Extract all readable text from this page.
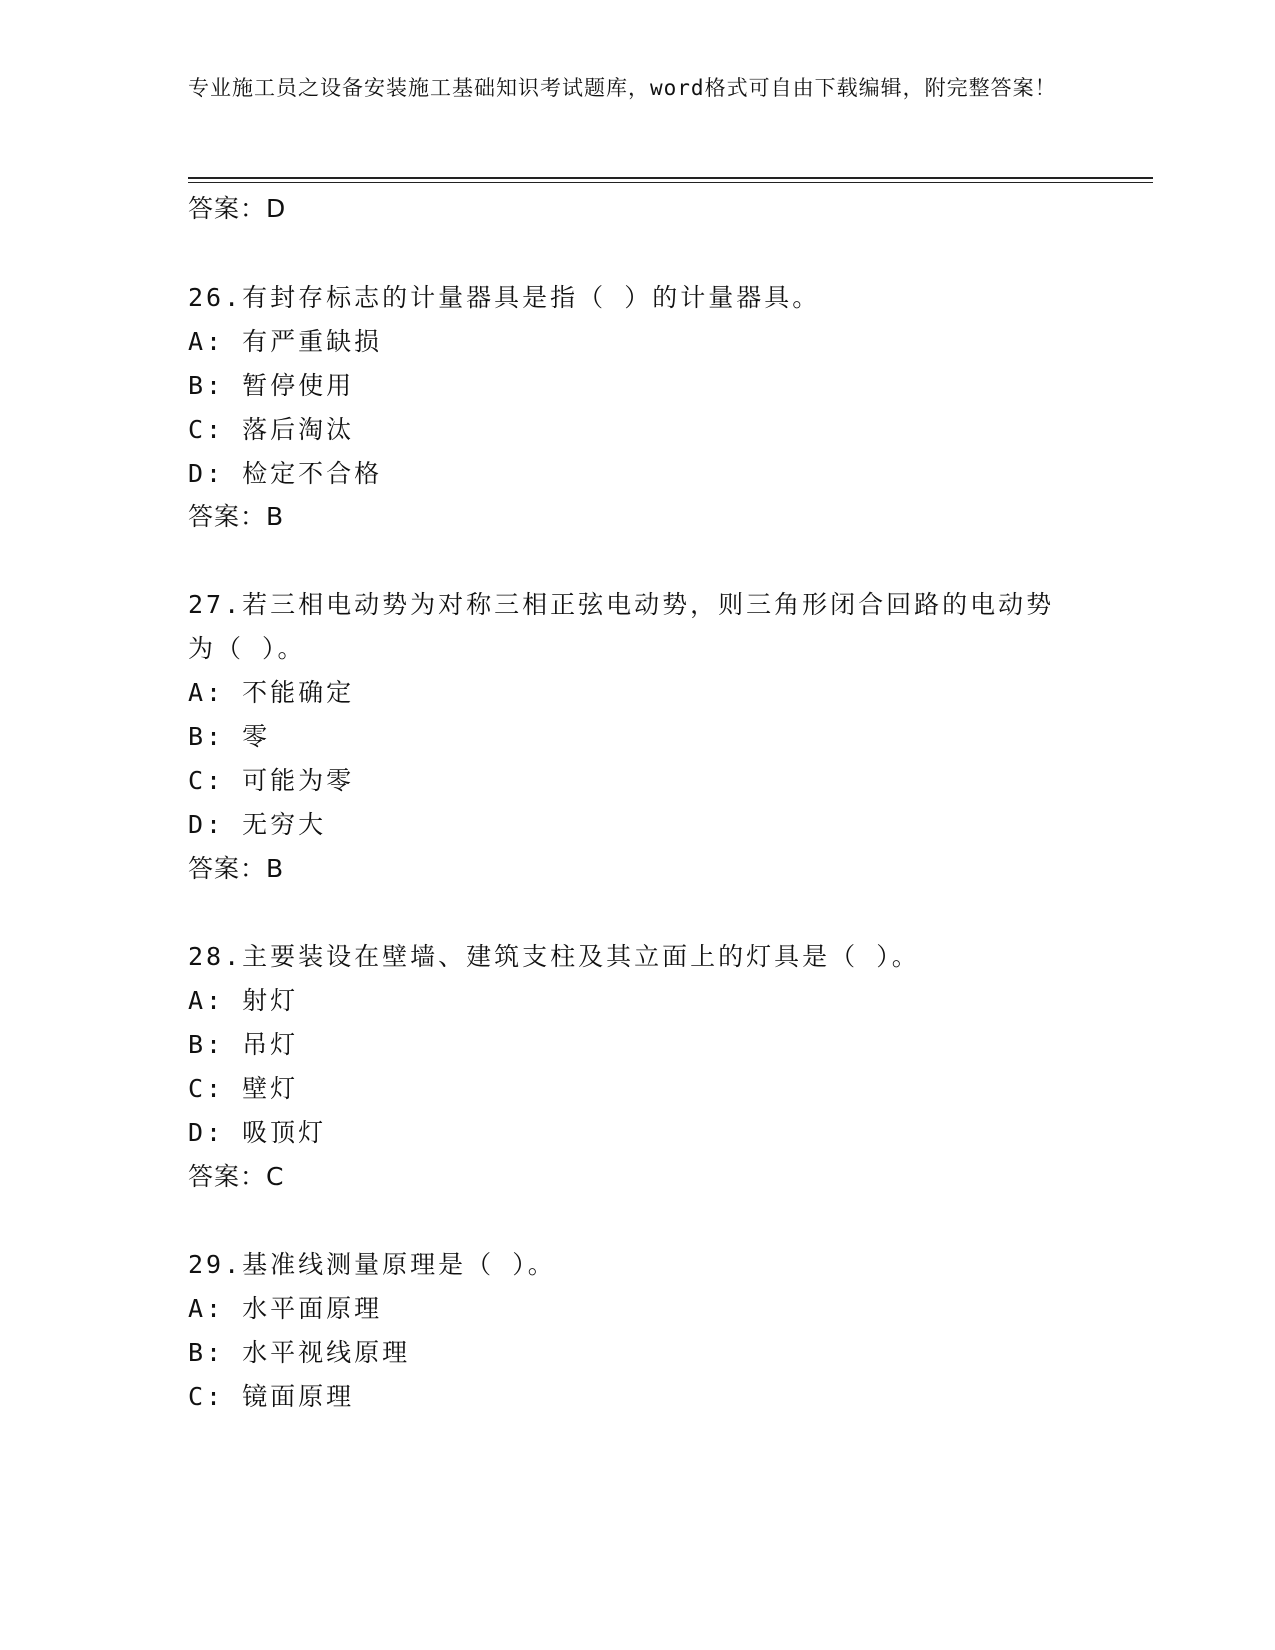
专业施工员之设备安装施工基础知识考试题库，word格式可自由下载编辑，附完整答案！
答案：D
26.有封存标志的计量器具是指（ ）的计量器具。
A: 有严重缺损
B: 暂停使用
C: 落后淘汰
D: 检定不合格
答案：B
27.若三相电动势为对称三相正弦电动势，则三角形闭合回路的电动势
为（ ）。
A: 不能确定
B: 零
C: 可能为零
D: 无穷大
答案：B
28.主要装设在壁墙、建筑支柱及其立面上的灯具是（ ）。
A: 射灯
B: 吊灯
C: 壁灯
D: 吸顶灯
答案：C
29.基准线测量原理是（ ）。
A: 水平面原理
B: 水平视线原理
C: 镜面原理
